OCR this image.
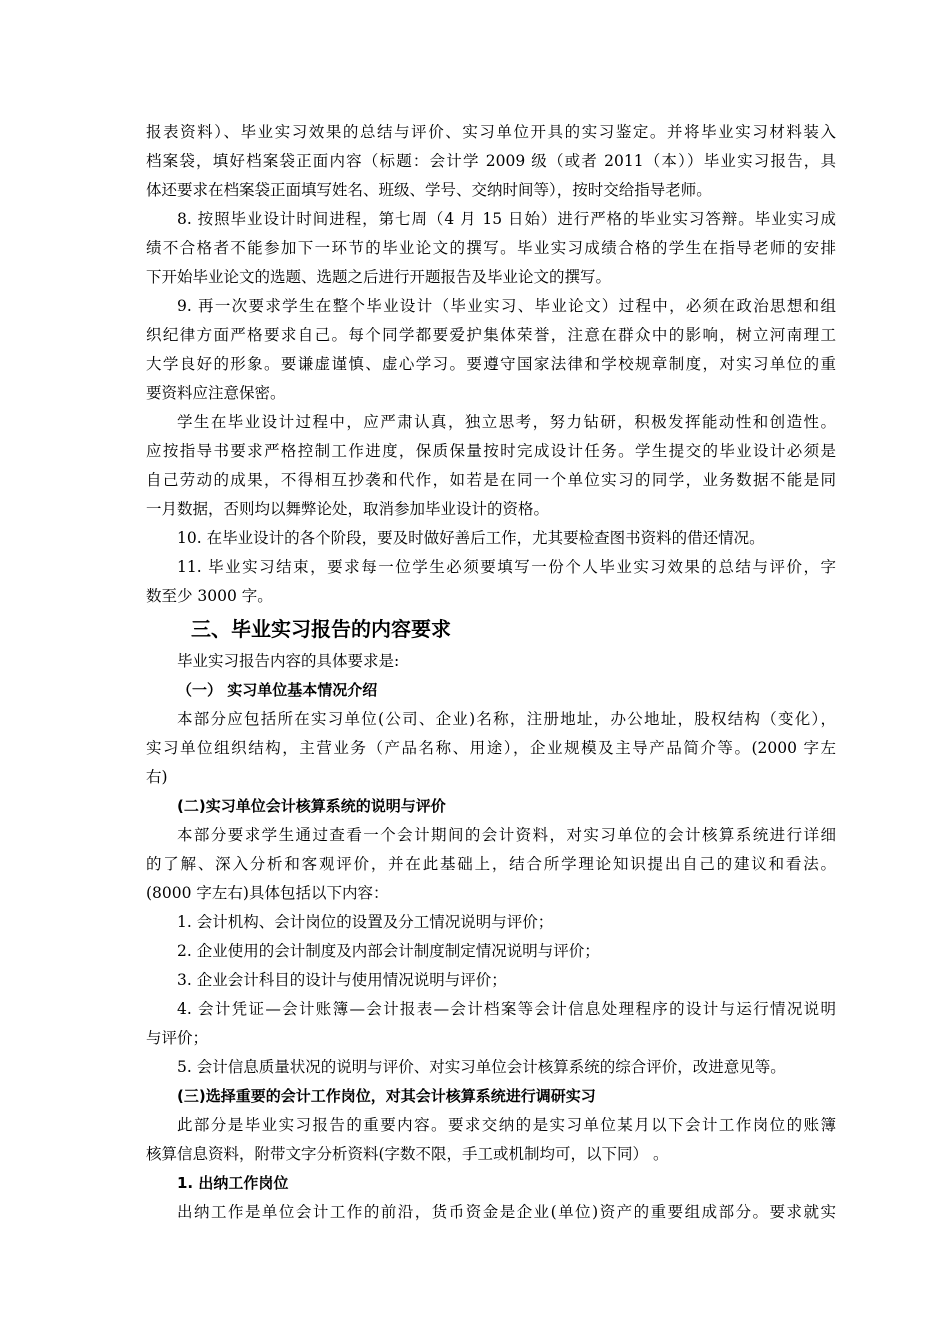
报表资料）、毕业实习效果的总结与评价、实习单位开具的实习鉴定。并将毕业实习材料装入
档案袋，填好档案袋正面内容（标题：会计学 2009 级（或者 2011（本））毕业实习报告，具
体还要求在档案袋正面填写姓名、班级、学号、交纳时间等），按时交给指导老师。
8. 按照毕业设计时间进程，第七周（4 月 15 日始）进行严格的毕业实习答辩。毕业实习成
绩不合格者不能参加下一环节的毕业论文的撰写。毕业实习成绩合格的学生在指导老师的安排
下开始毕业论文的选题、选题之后进行开题报告及毕业论文的撰写。
9. 再一次要求学生在整个毕业设计（毕业实习、毕业论文）过程中，必须在政治思想和组
织纪律方面严格要求自己。每个同学都要爱护集体荣誉，注意在群众中的影响，树立河南理工
大学良好的形象。要谦虚谨慎、虚心学习。要遵守国家法律和学校规章制度，对实习单位的重
要资料应注意保密。
学生在毕业设计过程中，应严肃认真，独立思考，努力钻研，积极发挥能动性和创造性。
应按指导书要求严格控制工作进度，保质保量按时完成设计任务。学生提交的毕业设计必须是
自己劳动的成果，不得相互抄袭和代作，如若是在同一个单位实习的同学，业务数据不能是同
一月数据，否则均以舞弊论处，取消参加毕业设计的资格。
10. 在毕业设计的各个阶段，要及时做好善后工作，尤其要检查图书资料的借还情况。
11. 毕业实习结束，要求每一位学生必须要填写一份个人毕业实习效果的总结与评价，字
数至少 3000 字。
三、毕业实习报告的内容要求
毕业实习报告内容的具体要求是:
（一） 实习单位基本情况介绍
本部分应包括所在实习单位(公司、企业)名称，注册地址，办公地址，股权结构（变化），
实习单位组织结构，主营业务（产品名称、用途），企业规模及主导产品简介等。(2000 字左
右)
(二)实习单位会计核算系统的说明与评价
本部分要求学生通过查看一个会计期间的会计资料，对实习单位的会计核算系统进行详细
的了解、深入分析和客观评价，并在此基础上，结合所学理论知识提出自己的建议和看法。
(8000 字左右)具体包括以下内容：
1. 会计机构、会计岗位的设置及分工情况说明与评价；
2. 企业使用的会计制度及内部会计制度制定情况说明与评价；
3. 企业会计科目的设计与使用情况说明与评价；
4. 会计凭证—会计账簿—会计报表—会计档案等会计信息处理程序的设计与运行情况说明
与评价；
5. 会计信息质量状况的说明与评价、对实习单位会计核算系统的综合评价，改进意见等。
(三)选择重要的会计工作岗位，对其会计核算系统进行调研实习
此部分是毕业实习报告的重要内容。要求交纳的是实习单位某月以下会计工作岗位的账簿
核算信息资料，附带文字分析资料(字数不限，手工或机制均可，以下同） 。
1. 出纳工作岗位
出纳工作是单位会计工作的前沿，货币资金是企业(单位)资产的重要组成部分。要求就实
